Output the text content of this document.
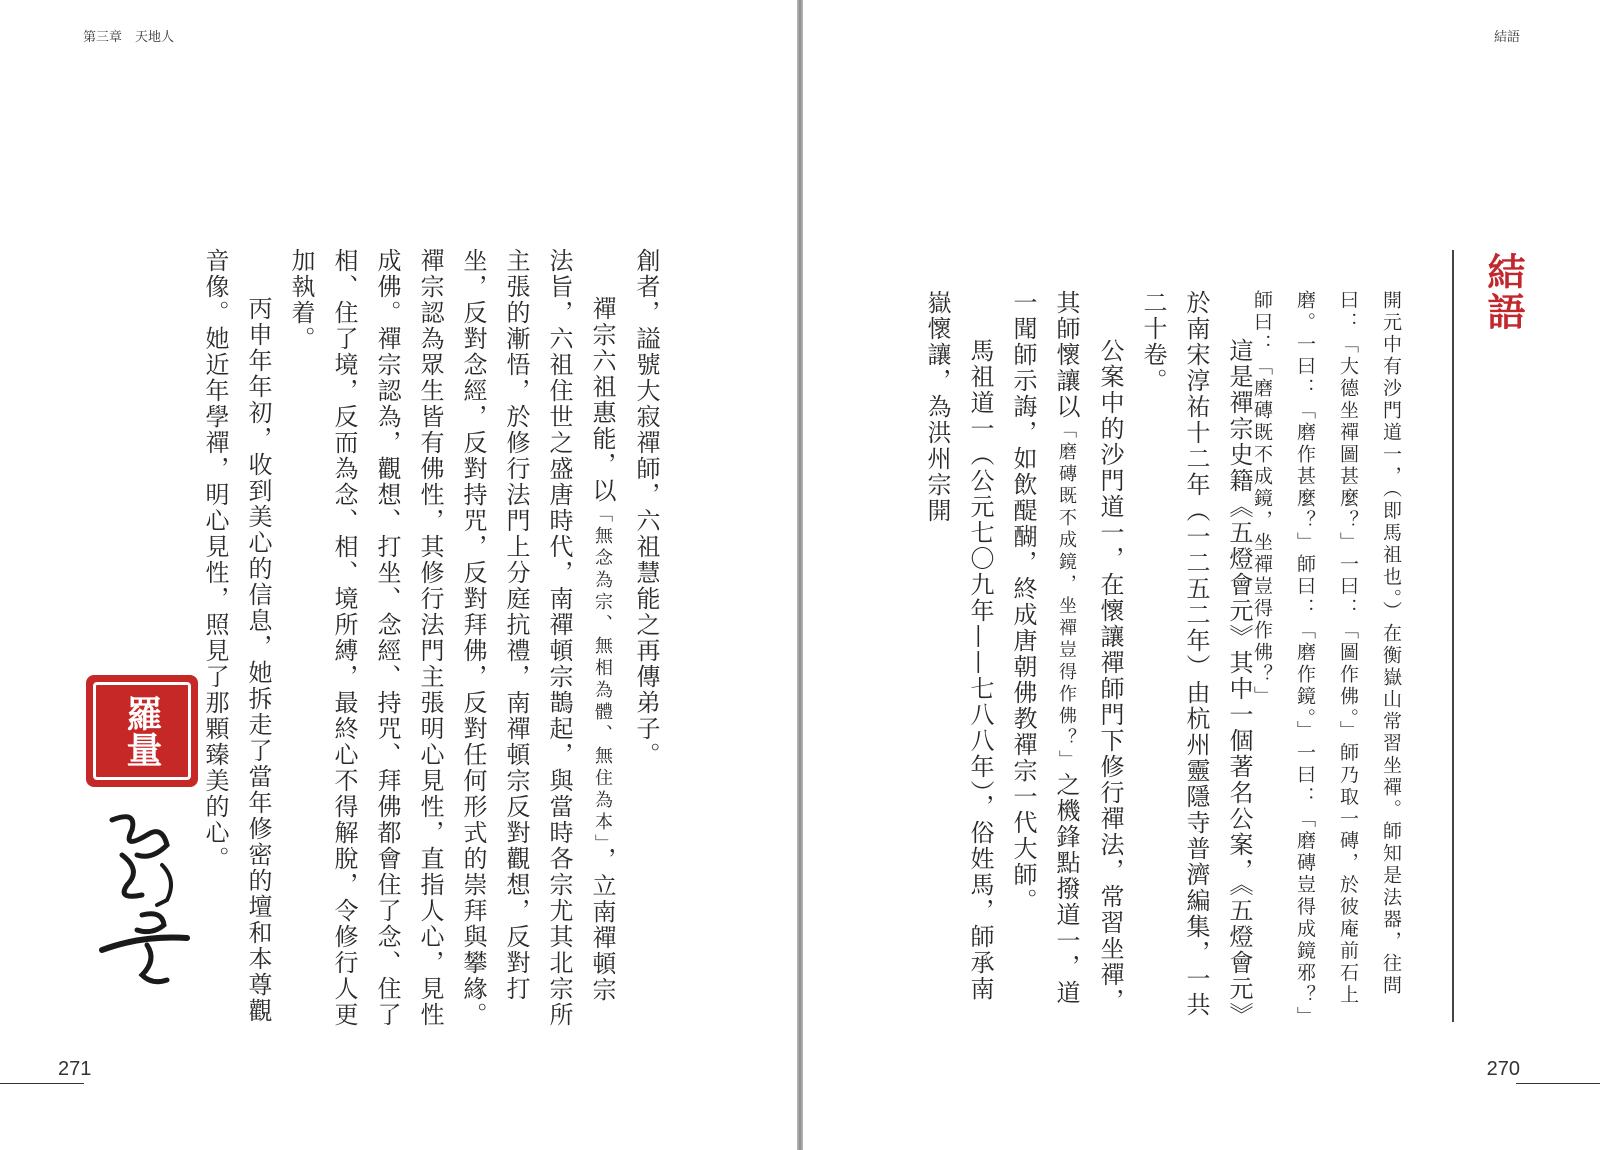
第三章　天地人

創者，謚號大寂禪師，六祖慧能之再傳弟子。

禪宗六祖惠能，以「無念為宗、無相為體、無住為本」，立南禪頓宗法旨，六祖住世之盛唐時代，南禪頓宗鵲起，與當時各宗尤其北宗所主張的漸悟，於修行法門上分庭抗禮，南禪頓宗反對觀想，反對打坐，反對念經，反對持咒，反對拜佛，反對任何形式的崇拜與攀緣。禪宗認為眾生皆有佛性，其修行法門主張明心見性，直指人心，見性成佛。禪宗認為，觀想、打坐、念經、持咒、拜佛都會住了念、住了相、住了境，反而為念、相、境所縛，最終心不得解脫，令修行人更加執着。

丙申年年初，收到美心的信息，她拆走了當年修密的壇和本尊觀音像。她近年學禪，明心見性，照見了那顆臻美的心。

羅量
271
結語
270
結語

開元中有沙門道一，（即馬祖也。）在衡嶽山常習坐禪。師知是法器，往問曰：「大德坐禪圖甚麼？」一曰：「圖作佛。」師乃取一磚，於彼庵前石上磨。一曰：「磨作甚麼？」師曰：「磨作鏡。」一曰：「磨磚豈得成鏡邪？」師曰：「磨磚既不成鏡，坐禪豈得作佛？」

這是禪宗史籍《五燈會元》其中一個著名公案，《五燈會元》於南宋淳祐十二年（一二五二年）由杭州靈隱寺普濟編集，一共二十卷。

公案中的沙門道一，在懷讓禪師門下修行禪法，常習坐禪，其師懷讓以「磨磚既不成鏡，坐禪豈得作佛？」之機鋒點撥道一，道一聞師示誨，如飲醍醐，終成唐朝佛教禪宗一代大師。

馬祖道一（公元七〇九年——七八八年），俗姓馬，師承南嶽懷讓，為洪州宗開
